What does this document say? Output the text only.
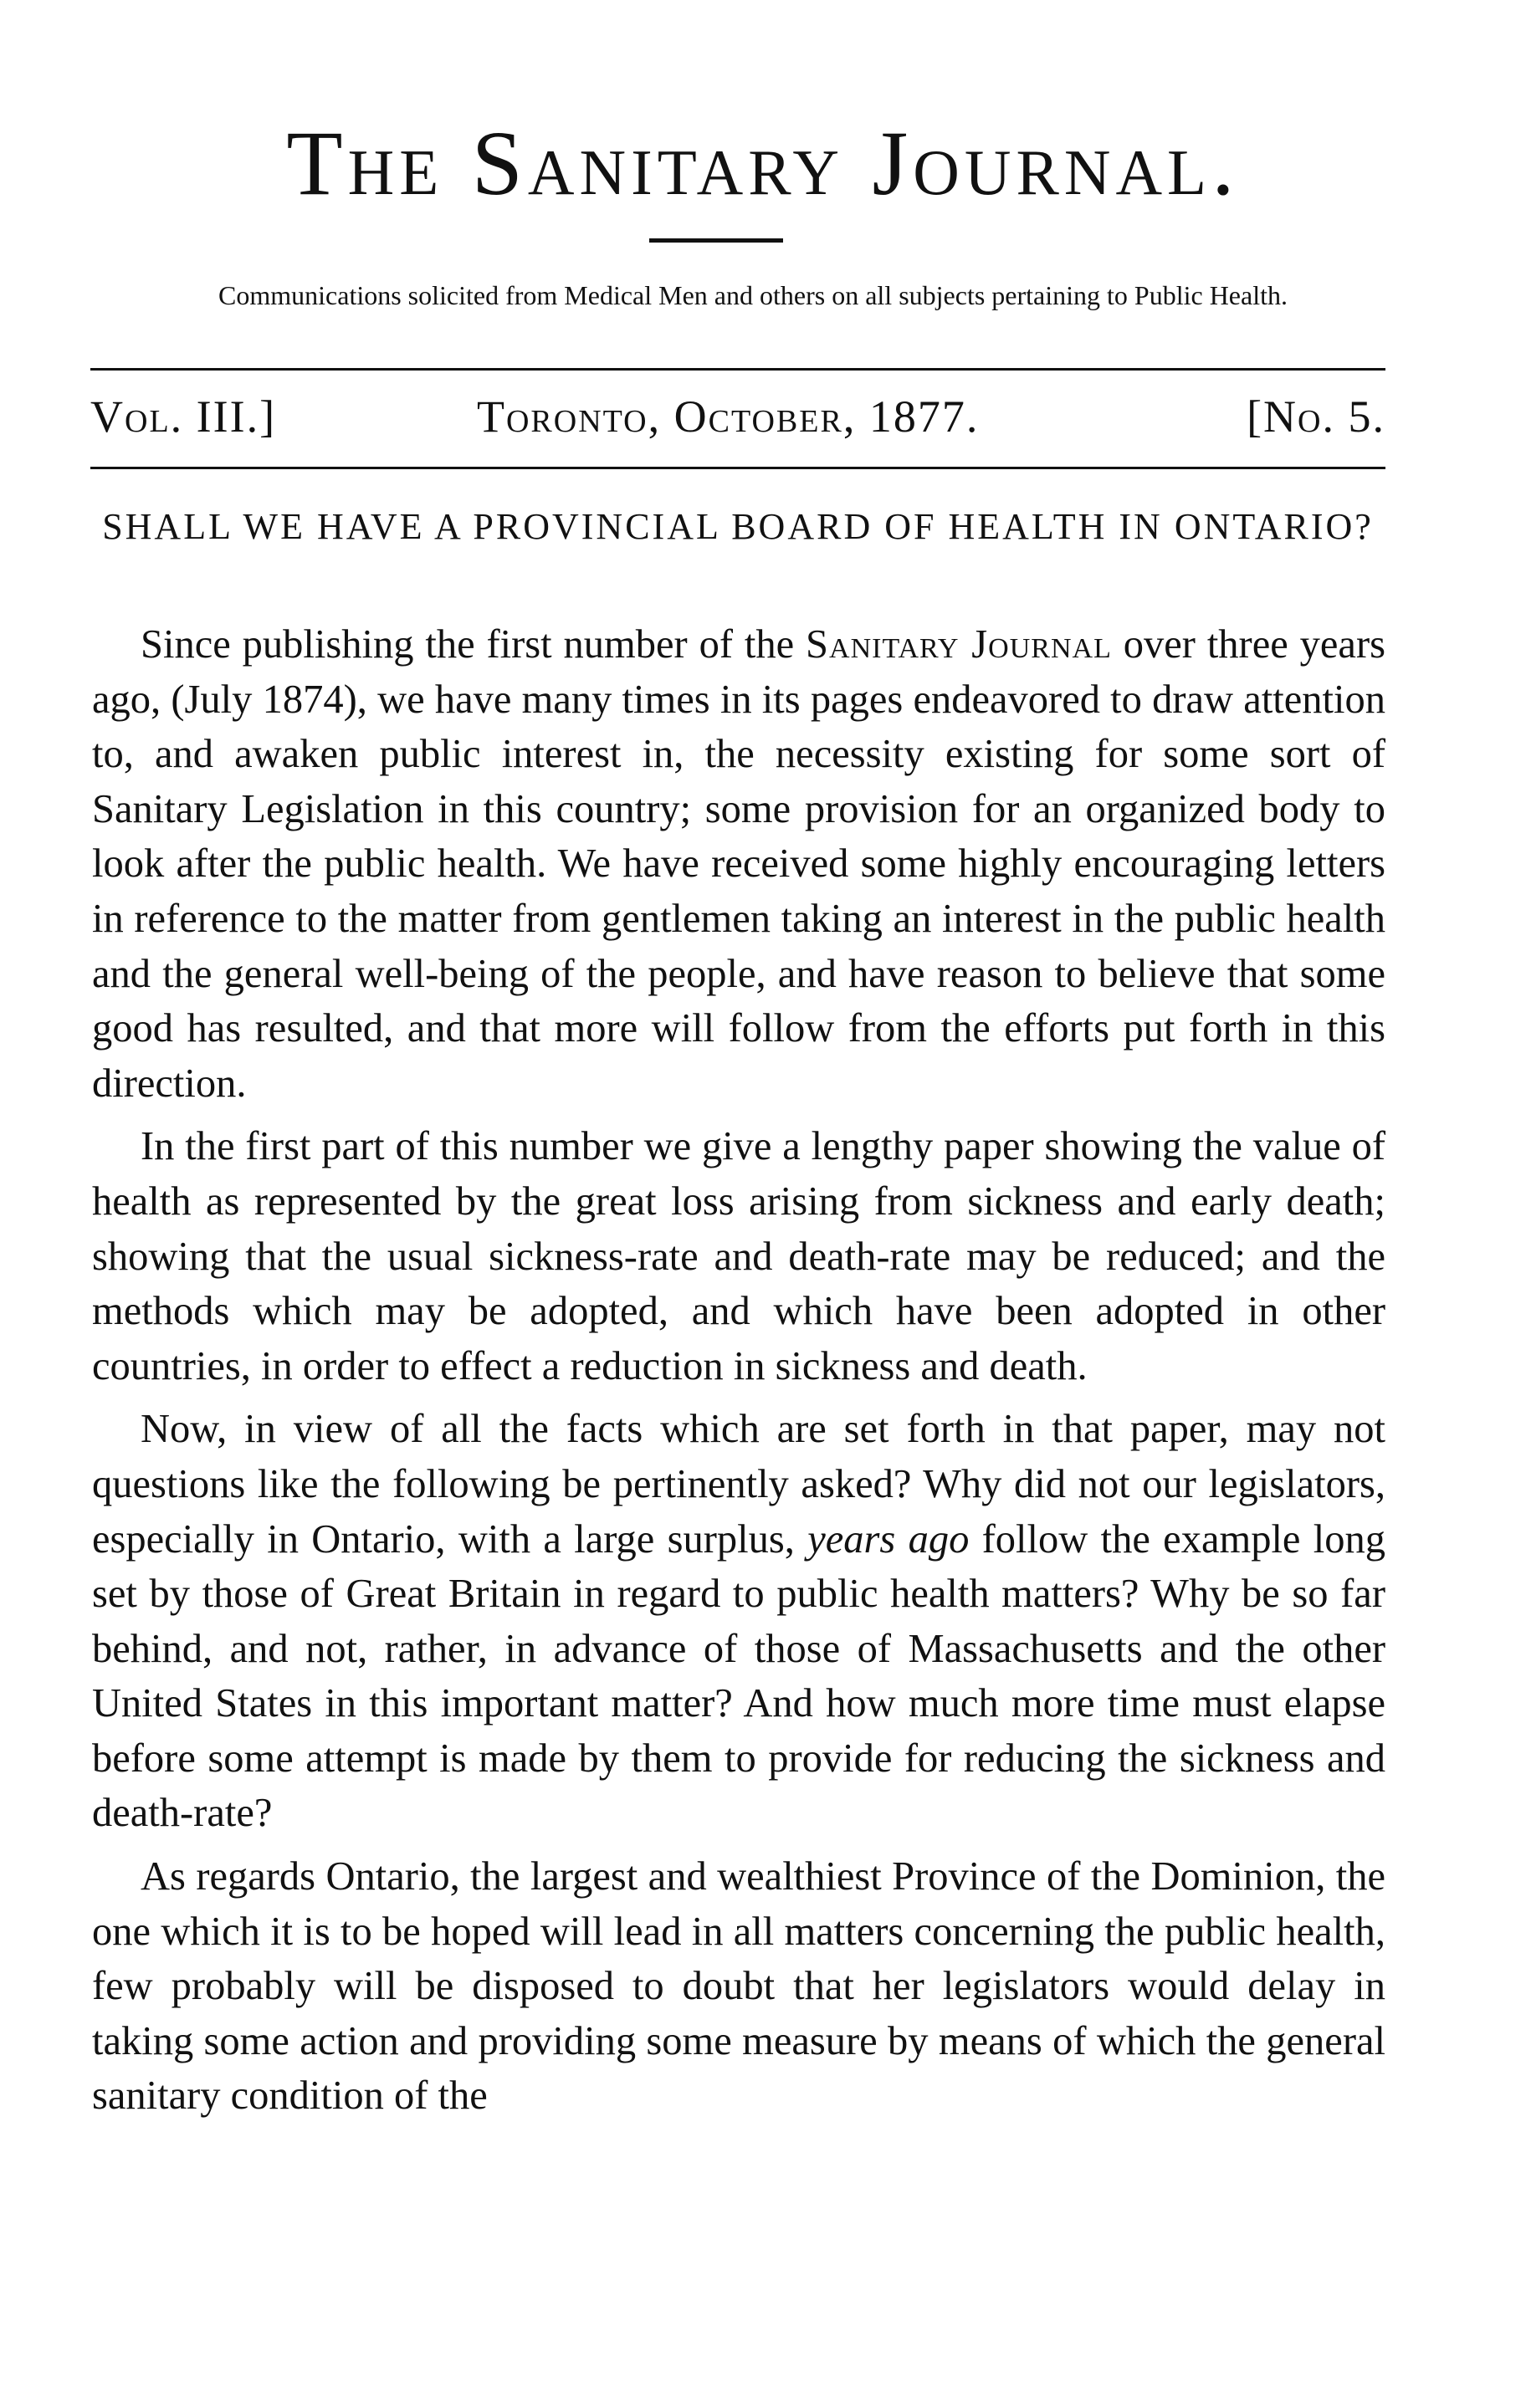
The Sanitary Journal.
Communications solicited from Medical Men and others on all subjects pertaining to Public Health.
Vol. III.]	Toronto, October, 1877.	[No. 5.
SHALL WE HAVE A PROVINCIAL BOARD OF HEALTH IN ONTARIO?

Since publishing the first number of the Sanitary Journal over three years ago, (July 1874), we have many times in its pages endeavored to draw attention to, and awaken public interest in, the necessity existing for some sort of Sanitary Legislation in this country; some provision for an organized body to look after the public health. We have received some highly encouraging letters in reference to the matter from gentlemen taking an interest in the public health and the general well-being of the people, and have reason to believe that some good has resulted, and that more will follow from the efforts put forth in this direction.

In the first part of this number we give a lengthy paper showing the value of health as represented by the great loss arising from sickness and early death; showing that the usual sickness-rate and death-rate may be reduced; and the methods which may be adopted, and which have been adopted in other countries, in order to effect a reduction in sickness and death.

Now, in view of all the facts which are set forth in that paper, may not questions like the following be pertinently asked? Why did not our legislators, especially in Ontario, with a large surplus, years ago follow the example long set by those of Great Britain in regard to public health matters? Why be so far behind, and not, rather, in advance of those of Massachusetts and the other United States in this important matter? And how much more time must elapse before some attempt is made by them to provide for reducing the sickness and death-rate?

As regards Ontario, the largest and wealthiest Province of the Dominion, the one which it is to be hoped will lead in all matters concerning the public health, few probably will be disposed to doubt that her legislators would delay in taking some action and providing some measure by means of which the general sanitary condition of the
